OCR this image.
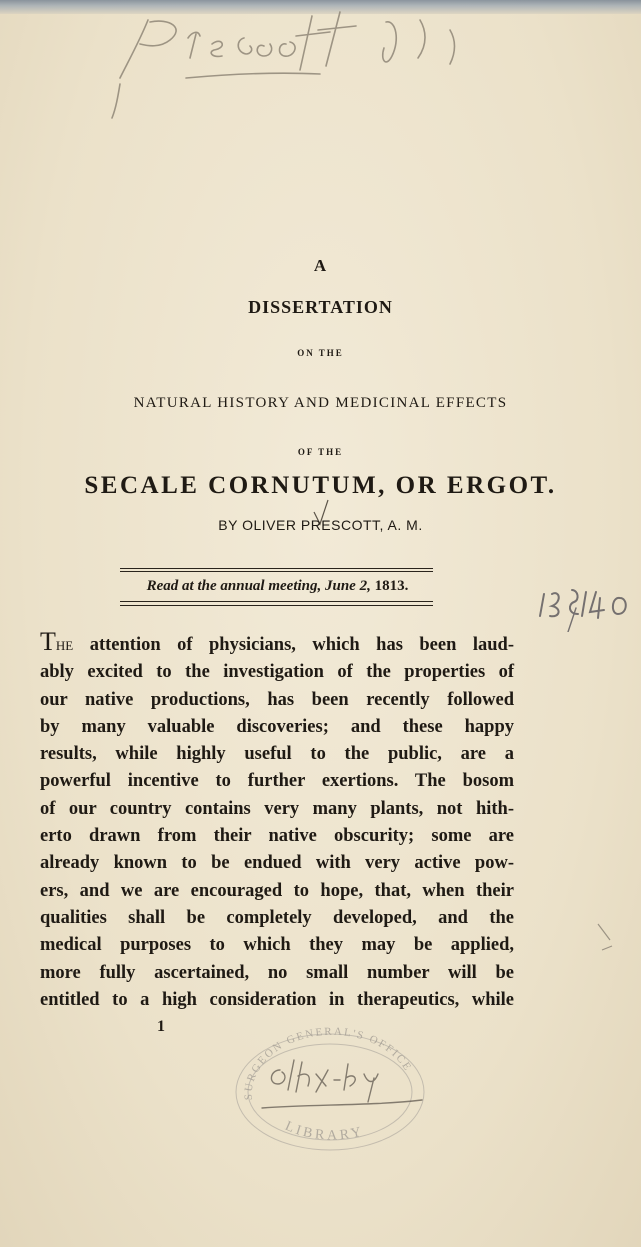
Prescott (O.)
A
DISSERTATION
ON THE
NATURAL HISTORY AND MEDICINAL EFFECTS
OF THE
SECALE CORNUTUM, OR ERGOT.
BY OLIVER PRESCOTT, A. M.
Read at the annual meeting, June 2, 1813.
18140
The attention of physicians, which has been laud-
ably excited to the investigation of the properties of
our native productions, has been recently followed
by many valuable discoveries; and these happy
results, while highly useful to the public, are a
powerful incentive to further exertions. The bosom
of our country contains very many plants, not hith-
erto drawn from their native obscurity; some are
already known to be endued with very active pow-
ers, and we are encouraged to hope, that, when their
qualities shall be completely developed, and the
medical purposes to which they may be applied,
more fully ascertained, no small number will be
entitled to a high consideration in therapeutics, while
1
SURGEON GENERAL'S OFFICE
LIBRARY
18th-b4
